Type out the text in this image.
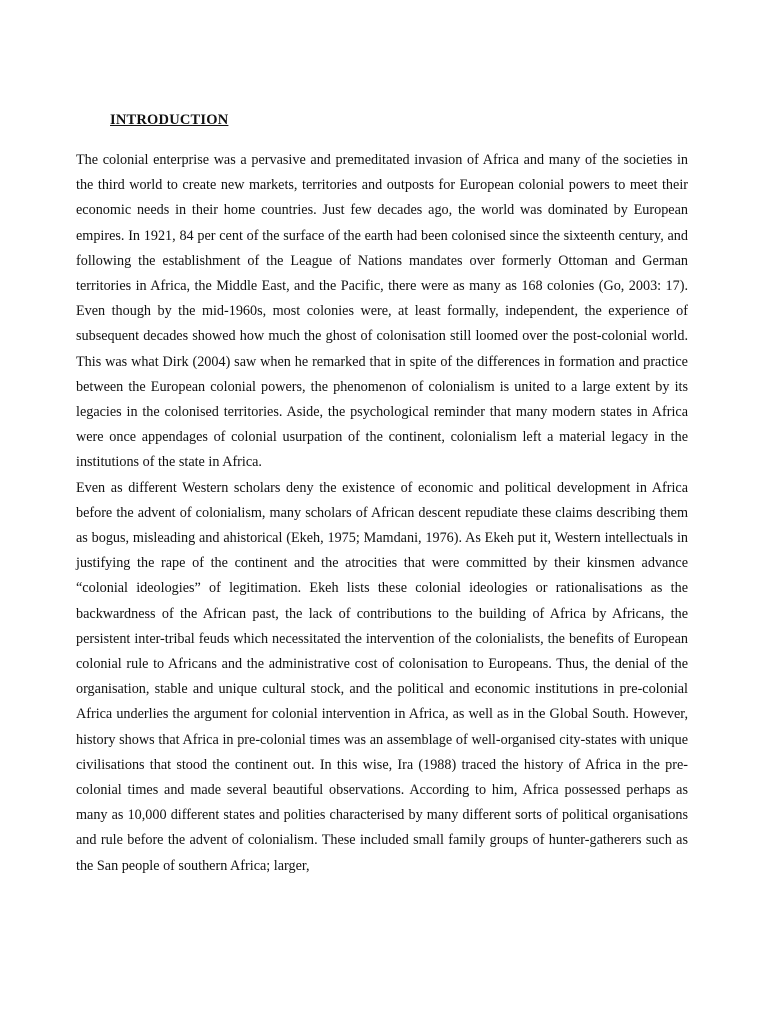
INTRODUCTION

The colonial enterprise was a pervasive and premeditated invasion of Africa and many of the societies in the third world to create new markets, territories and outposts for European colonial powers to meet their economic needs in their home countries. Just few decades ago, the world was dominated by European empires. In 1921, 84 per cent of the surface of the earth had been colonised since the sixteenth century, and following the establishment of the League of Nations mandates over formerly Ottoman and German territories in Africa, the Middle East, and the Pacific, there were as many as 168 colonies (Go, 2003: 17). Even though by the mid-1960s, most colonies were, at least formally, independent, the experience of subsequent decades showed how much the ghost of colonisation still loomed over the post-colonial world. This was what Dirk (2004) saw when he remarked that in spite of the differences in formation and practice between the European colonial powers, the phenomenon of colonialism is united to a large extent by its legacies in the colonised territories. Aside, the psychological reminder that many modern states in Africa were once appendages of colonial usurpation of the continent, colonialism left a material legacy in the institutions of the state in Africa.

Even as different Western scholars deny the existence of economic and political development in Africa before the advent of colonialism, many scholars of African descent repudiate these claims describing them as bogus, misleading and ahistorical (Ekeh, 1975; Mamdani, 1976). As Ekeh put it, Western intellectuals in justifying the rape of the continent and the atrocities that were committed by their kinsmen advance “colonial ideologies” of legitimation. Ekeh lists these colonial ideologies or rationalisations as the backwardness of the African past, the lack of contributions to the building of Africa by Africans, the persistent inter-tribal feuds which necessitated the intervention of the colonialists, the benefits of European colonial rule to Africans and the administrative cost of colonisation to Europeans. Thus, the denial of the organisation, stable and unique cultural stock, and the political and economic institutions in pre-colonial Africa underlies the argument for colonial intervention in Africa, as well as in the Global South. However, history shows that Africa in pre-colonial times was an assemblage of well-organised city-states with unique civilisations that stood the continent out. In this wise, Ira (1988) traced the history of Africa in the pre-colonial times and made several beautiful observations. According to him, Africa possessed perhaps as many as 10,000 different states and polities characterised by many different sorts of political organisations and rule before the advent of colonialism. These included small family groups of hunter-gatherers such as the San people of southern Africa; larger,
